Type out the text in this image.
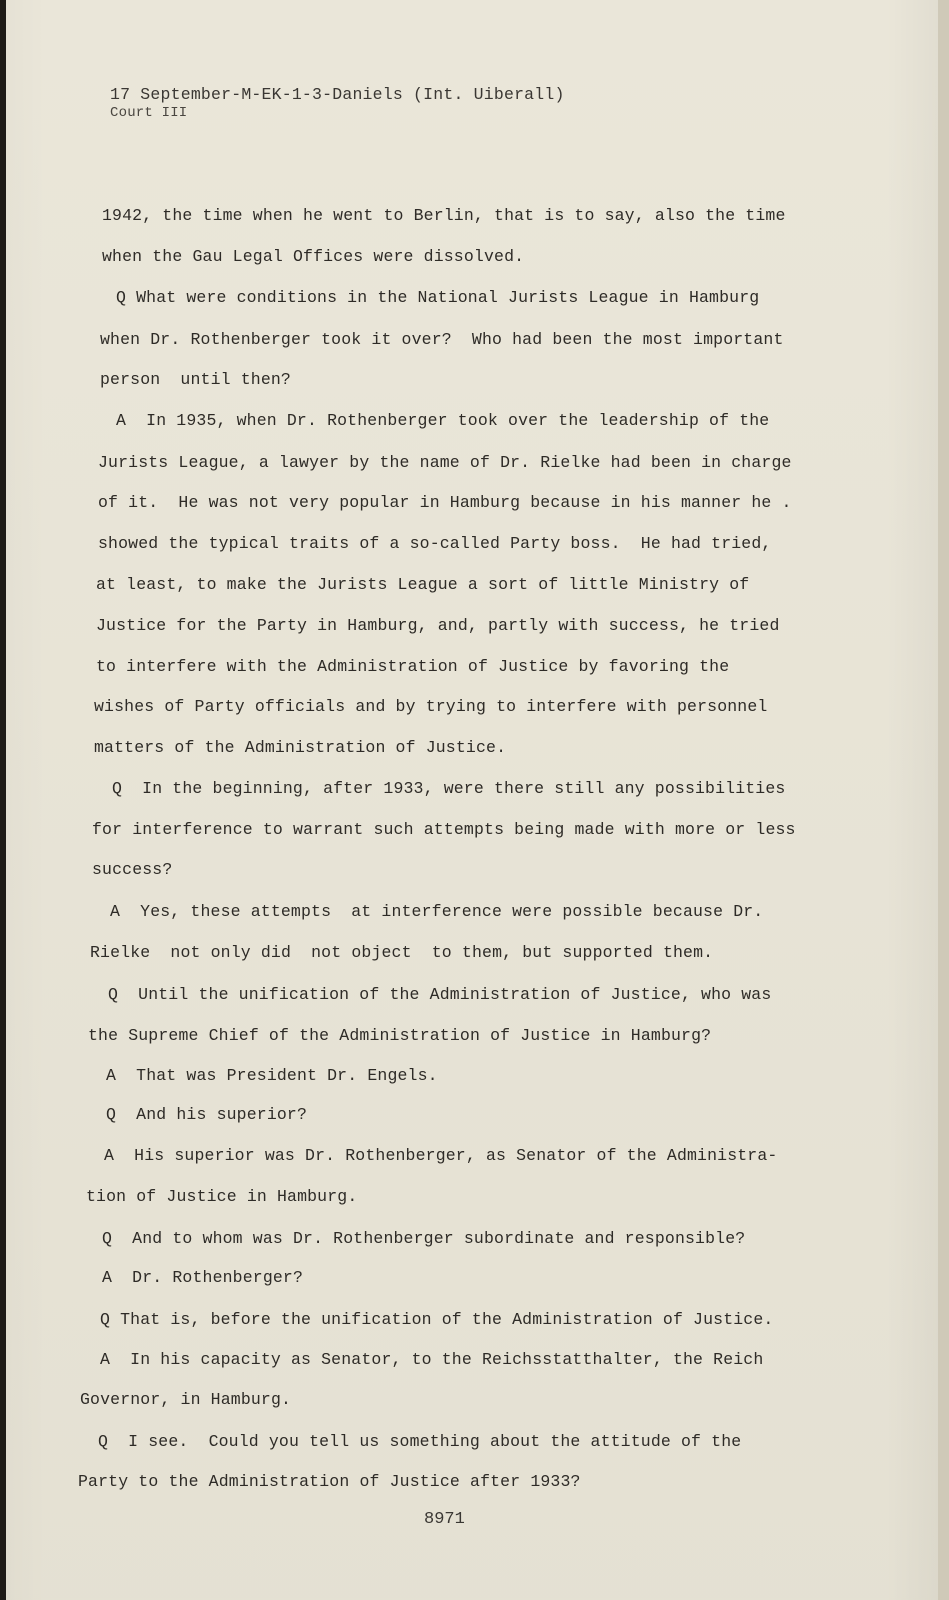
17 September-M-EK-1-3-Daniels (Int. Uiberall)
Court III
1942, the time when he went to Berlin, that is to say, also the time
when the Gau Legal Offices were dissolved.
Q What were conditions in the National Jurists League in Hamburg
when Dr. Rothenberger took it over?  Who had been the most important
person  until then?
A  In 1935, when Dr. Rothenberger took over the leadership of the
Jurists League, a lawyer by the name of Dr. Rielke had been in charge
of it.  He was not very popular in Hamburg because in his manner he .
showed the typical traits of a so-called Party boss.  He had tried,
at least, to make the Jurists League a sort of little Ministry of
Justice for the Party in Hamburg, and, partly with success, he tried
to interfere with the Administration of Justice by favoring the
wishes of Party officials and by trying to interfere with personnel
matters of the Administration of Justice.
Q  In the beginning, after 1933, were there still any possibilities
for interference to warrant such attempts being made with more or less
success?
A  Yes, these attempts  at interference were possible because Dr.
Rielke  not only did  not object  to them, but supported them.
Q  Until the unification of the Administration of Justice, who was
the Supreme Chief of the Administration of Justice in Hamburg?
A  That was President Dr. Engels.
Q  And his superior?
A  His superior was Dr. Rothenberger, as Senator of the Administra-
tion of Justice in Hamburg.
Q  And to whom was Dr. Rothenberger subordinate and responsible?
A  Dr. Rothenberger?
Q That is, before the unification of the Administration of Justice.
A  In his capacity as Senator, to the Reichsstatthalter, the Reich
Governor, in Hamburg.
Q  I see.  Could you tell us something about the attitude of the
Party to the Administration of Justice after 1933?
8971
